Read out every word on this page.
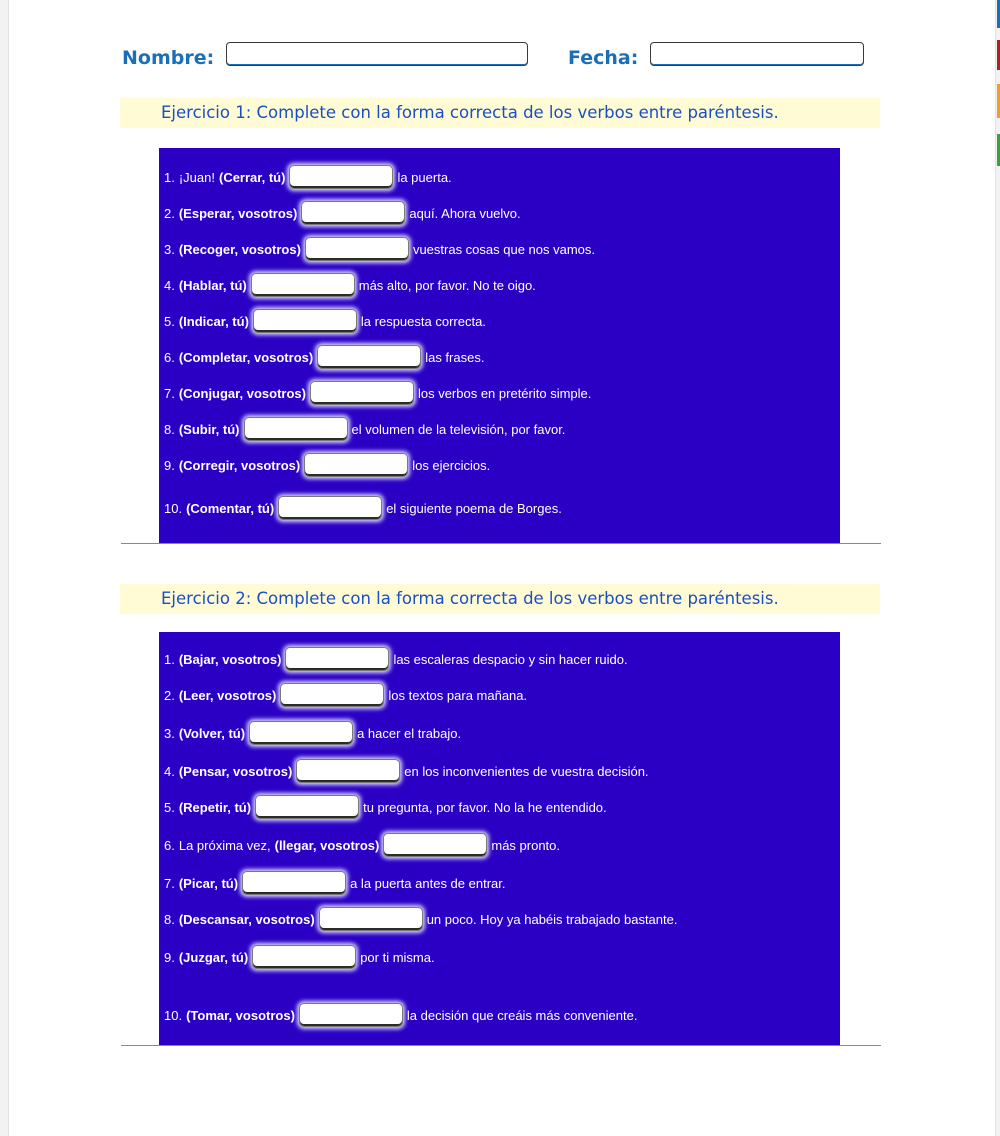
Nombre:	Fecha:
Ejercicio 1: Complete con la forma correcta de los verbos entre paréntesis.
1. ¡Juan! (Cerrar, tú)	la puerta.
2. (Esperar, vosotros)	aquí. Ahora vuelvo.
3. (Recoger, vosotros)	vuestras cosas que nos vamos.
4. (Hablar, tú)	más alto, por favor. No te oigo.
5. (Indicar, tú)	la respuesta correcta.
6. (Completar, vosotros)	las frases.
7. (Conjugar, vosotros)	los verbos en pretérito simple.
8. (Subir, tú)	el volumen de la televisión, por favor.
9. (Corregir, vosotros)	los ejercicios.
10. (Comentar, tú)	el siguiente poema de Borges.
Ejercicio 2: Complete con la forma correcta de los verbos entre paréntesis.
1. (Bajar, vosotros)	las escaleras despacio y sin hacer ruido.
2. (Leer, vosotros)	los textos para mañana.
3. (Volver, tú)	a hacer el trabajo.
4. (Pensar, vosotros)	en los inconvenientes de vuestra decisión.
5. (Repetir, tú)	tu pregunta, por favor. No la he entendido.
6. La próxima vez, (llegar, vosotros)	más pronto.
7. (Picar, tú)	a la puerta antes de entrar.
8. (Descansar, vosotros)	un poco. Hoy ya habéis trabajado bastante.
9. (Juzgar, tú)	por ti misma.
10. (Tomar, vosotros)	la decisión que creáis más conveniente.
